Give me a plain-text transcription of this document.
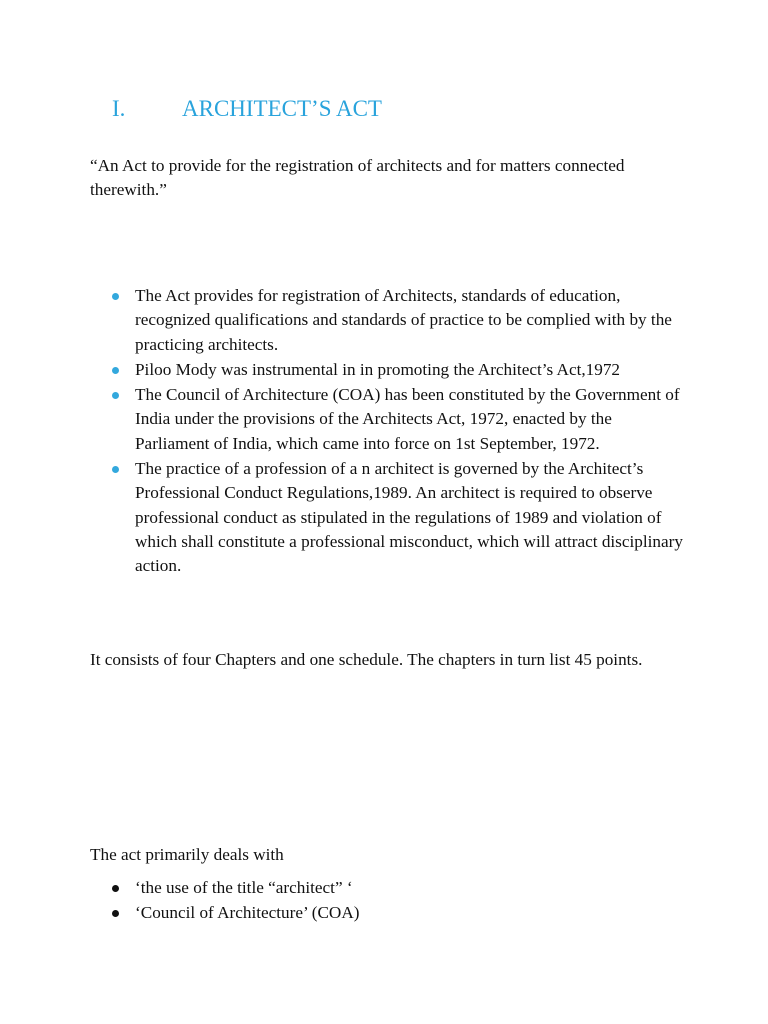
I. ARCHITECT’S ACT
“An Act to provide for the registration of architects and for matters connected therewith.”
The Act provides for registration of Architects, standards of education, recognized qualifications and standards of practice to be complied with by the practicing architects.
Piloo Mody was instrumental in in promoting the Architect’s Act,1972
The Council of Architecture (COA) has been constituted by the Government of India under the provisions of the Architects Act, 1972, enacted by the Parliament of India, which came into force on 1st September, 1972.
The practice of a profession of a n architect is governed by the Architect’s Professional Conduct Regulations,1989. An architect is required to observe professional conduct as stipulated in the regulations of 1989 and violation of which shall constitute a professional misconduct, which will attract disciplinary action.
It consists of four Chapters and one schedule. The chapters in turn list 45 points.
The act primarily deals with
‘the use of the title “architect” ‘
‘Council of Architecture’ (COA)
